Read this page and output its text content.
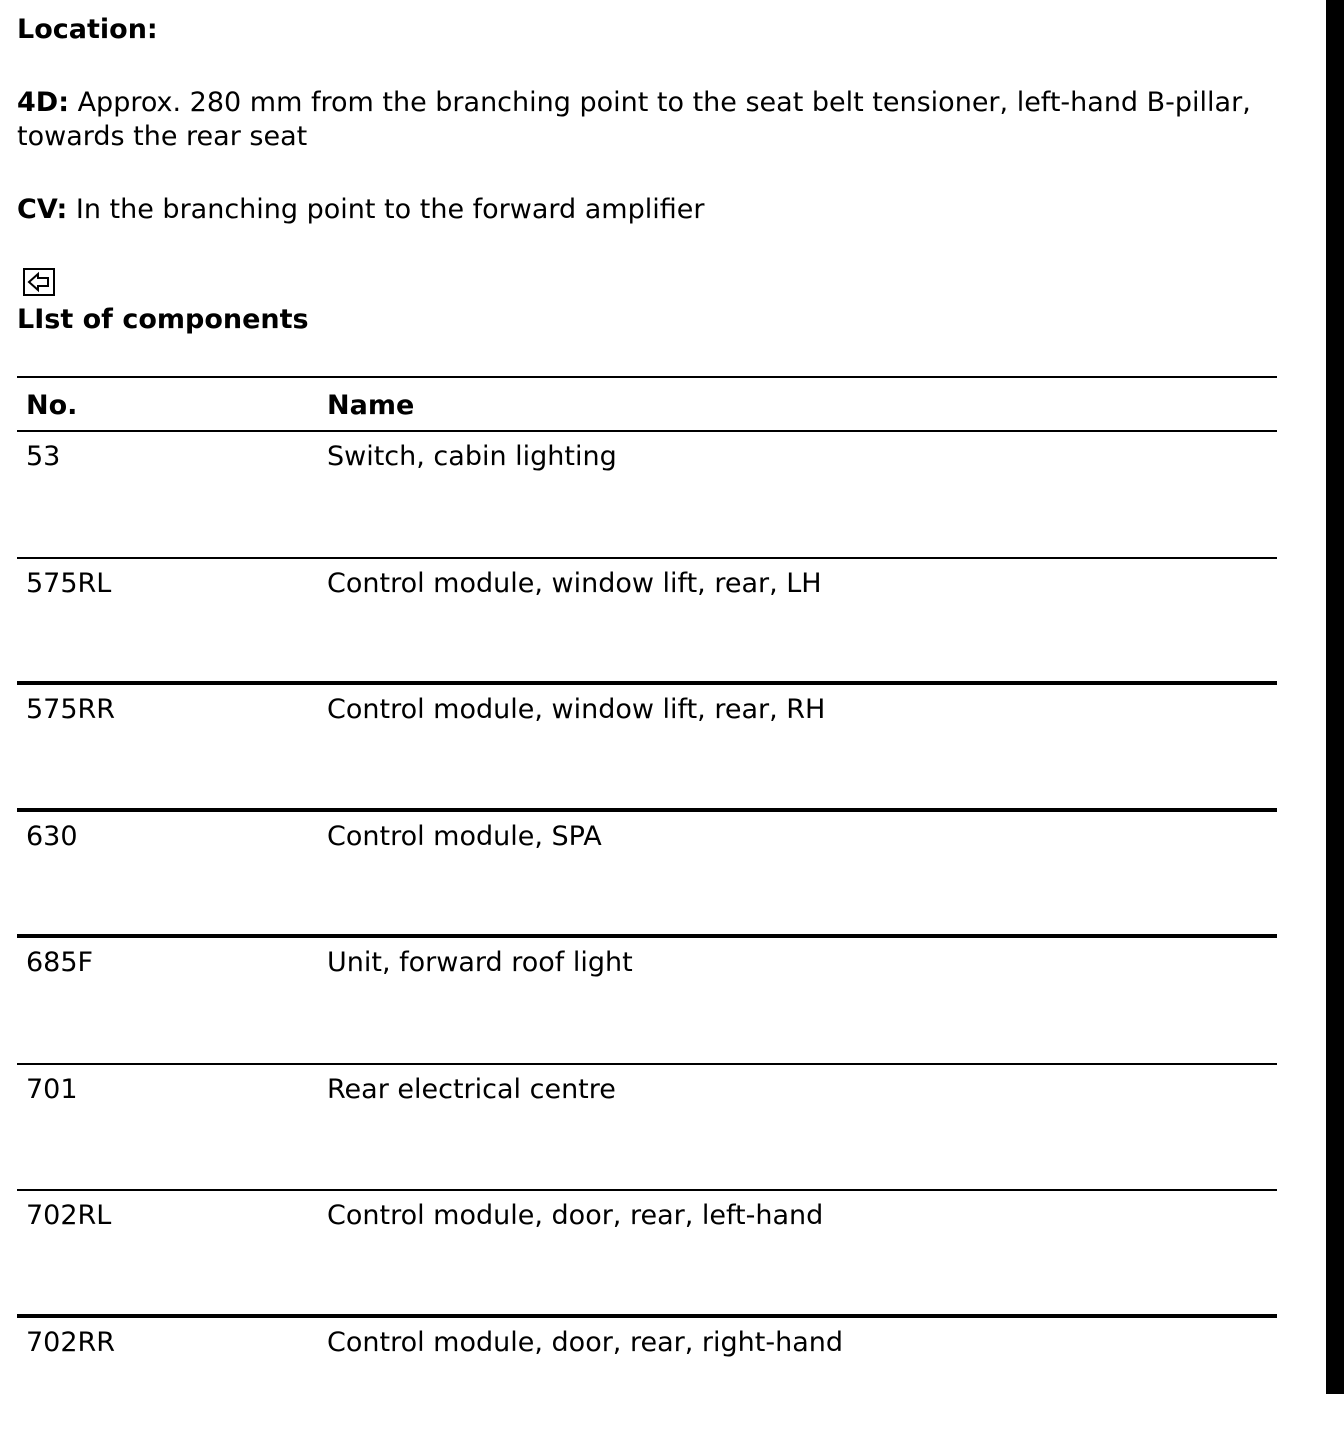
Location:
4D: Approx. 280 mm from the branching point to the seat belt tensioner, left-hand B-pillar, towards the rear seat
CV: In the branching point to the forward amplifier
LIst of components
No.	Name
53	Switch, cabin lighting
575RL	Control module, window lift, rear, LH
575RR	Control module, window lift, rear, RH
630	Control module, SPA
685F	Unit, forward roof light
701	Rear electrical centre
702RL	Control module, door, rear, left-hand
702RR	Control module, door, rear, right-hand
